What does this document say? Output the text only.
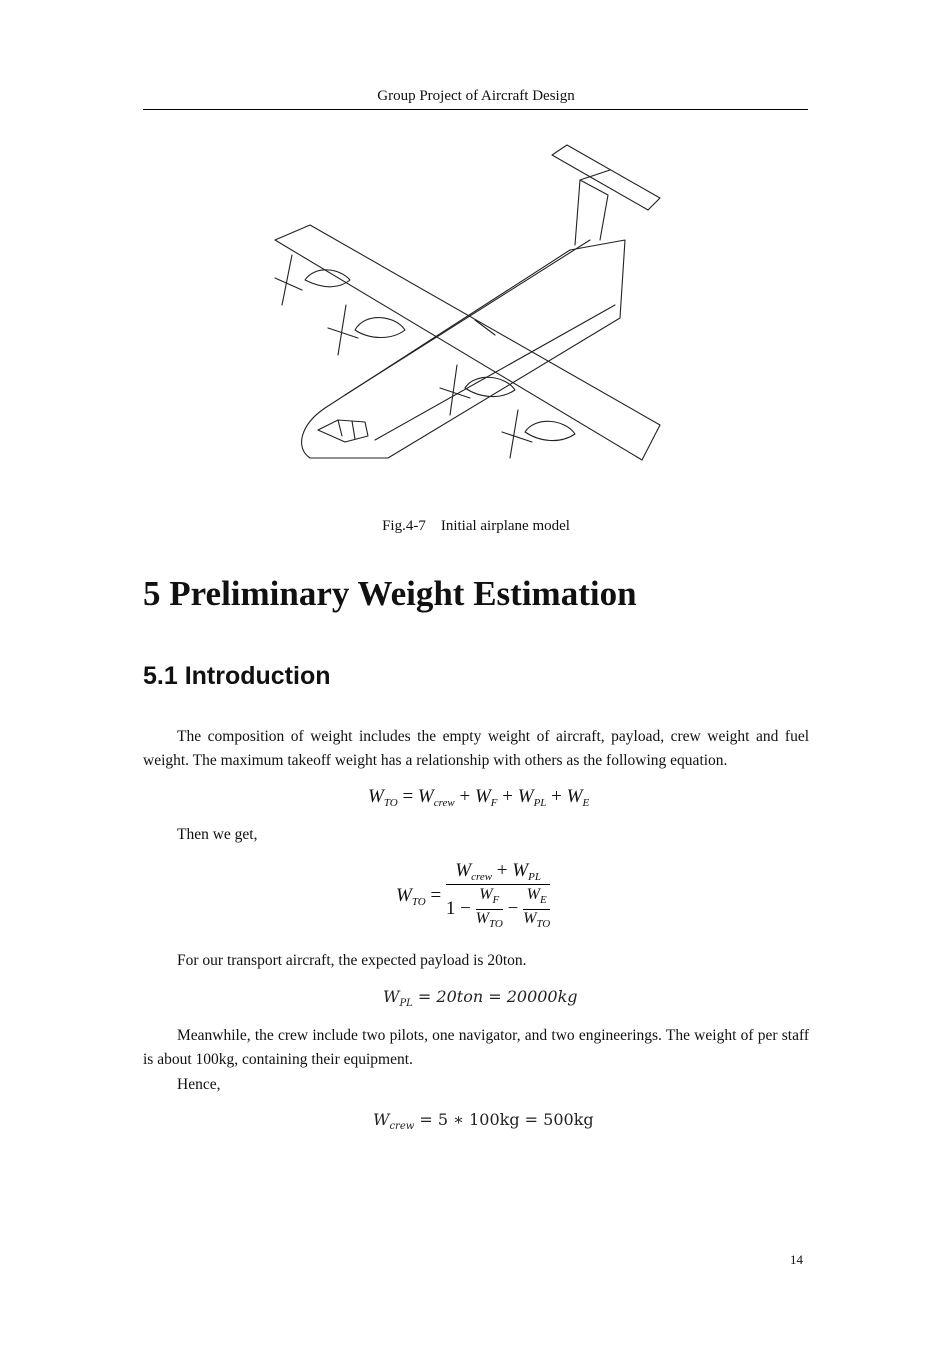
Group Project of Aircraft Design
Fig.4-7 Initial airplane model
5 Preliminary Weight Estimation
5.1 Introduction

The composition of weight includes the empty weight of aircraft, payload, crew weight and fuel weight. The maximum takeoff weight has a relationship with others as the following equation.

$W_{TO} = W_{crew} + W_F + W_{PL} + W_E$
Then we get,
$W_{TO} = W_{crew} + W_{PL}$
1 −
$W_F$
$W_{TO}$
−
$W_E$
$W_{TO}$
For our transport aircraft, the expected payload is 20ton.
$W_{PL} = 20ton = 20000kg$

Meanwhile, the crew include two pilots, one navigator, and two engineerings. The weight of per staff is about 100kg, containing their equipment.

Hence,
$W_{crew} = 5$ ∗ 100kg = 500kg
14
